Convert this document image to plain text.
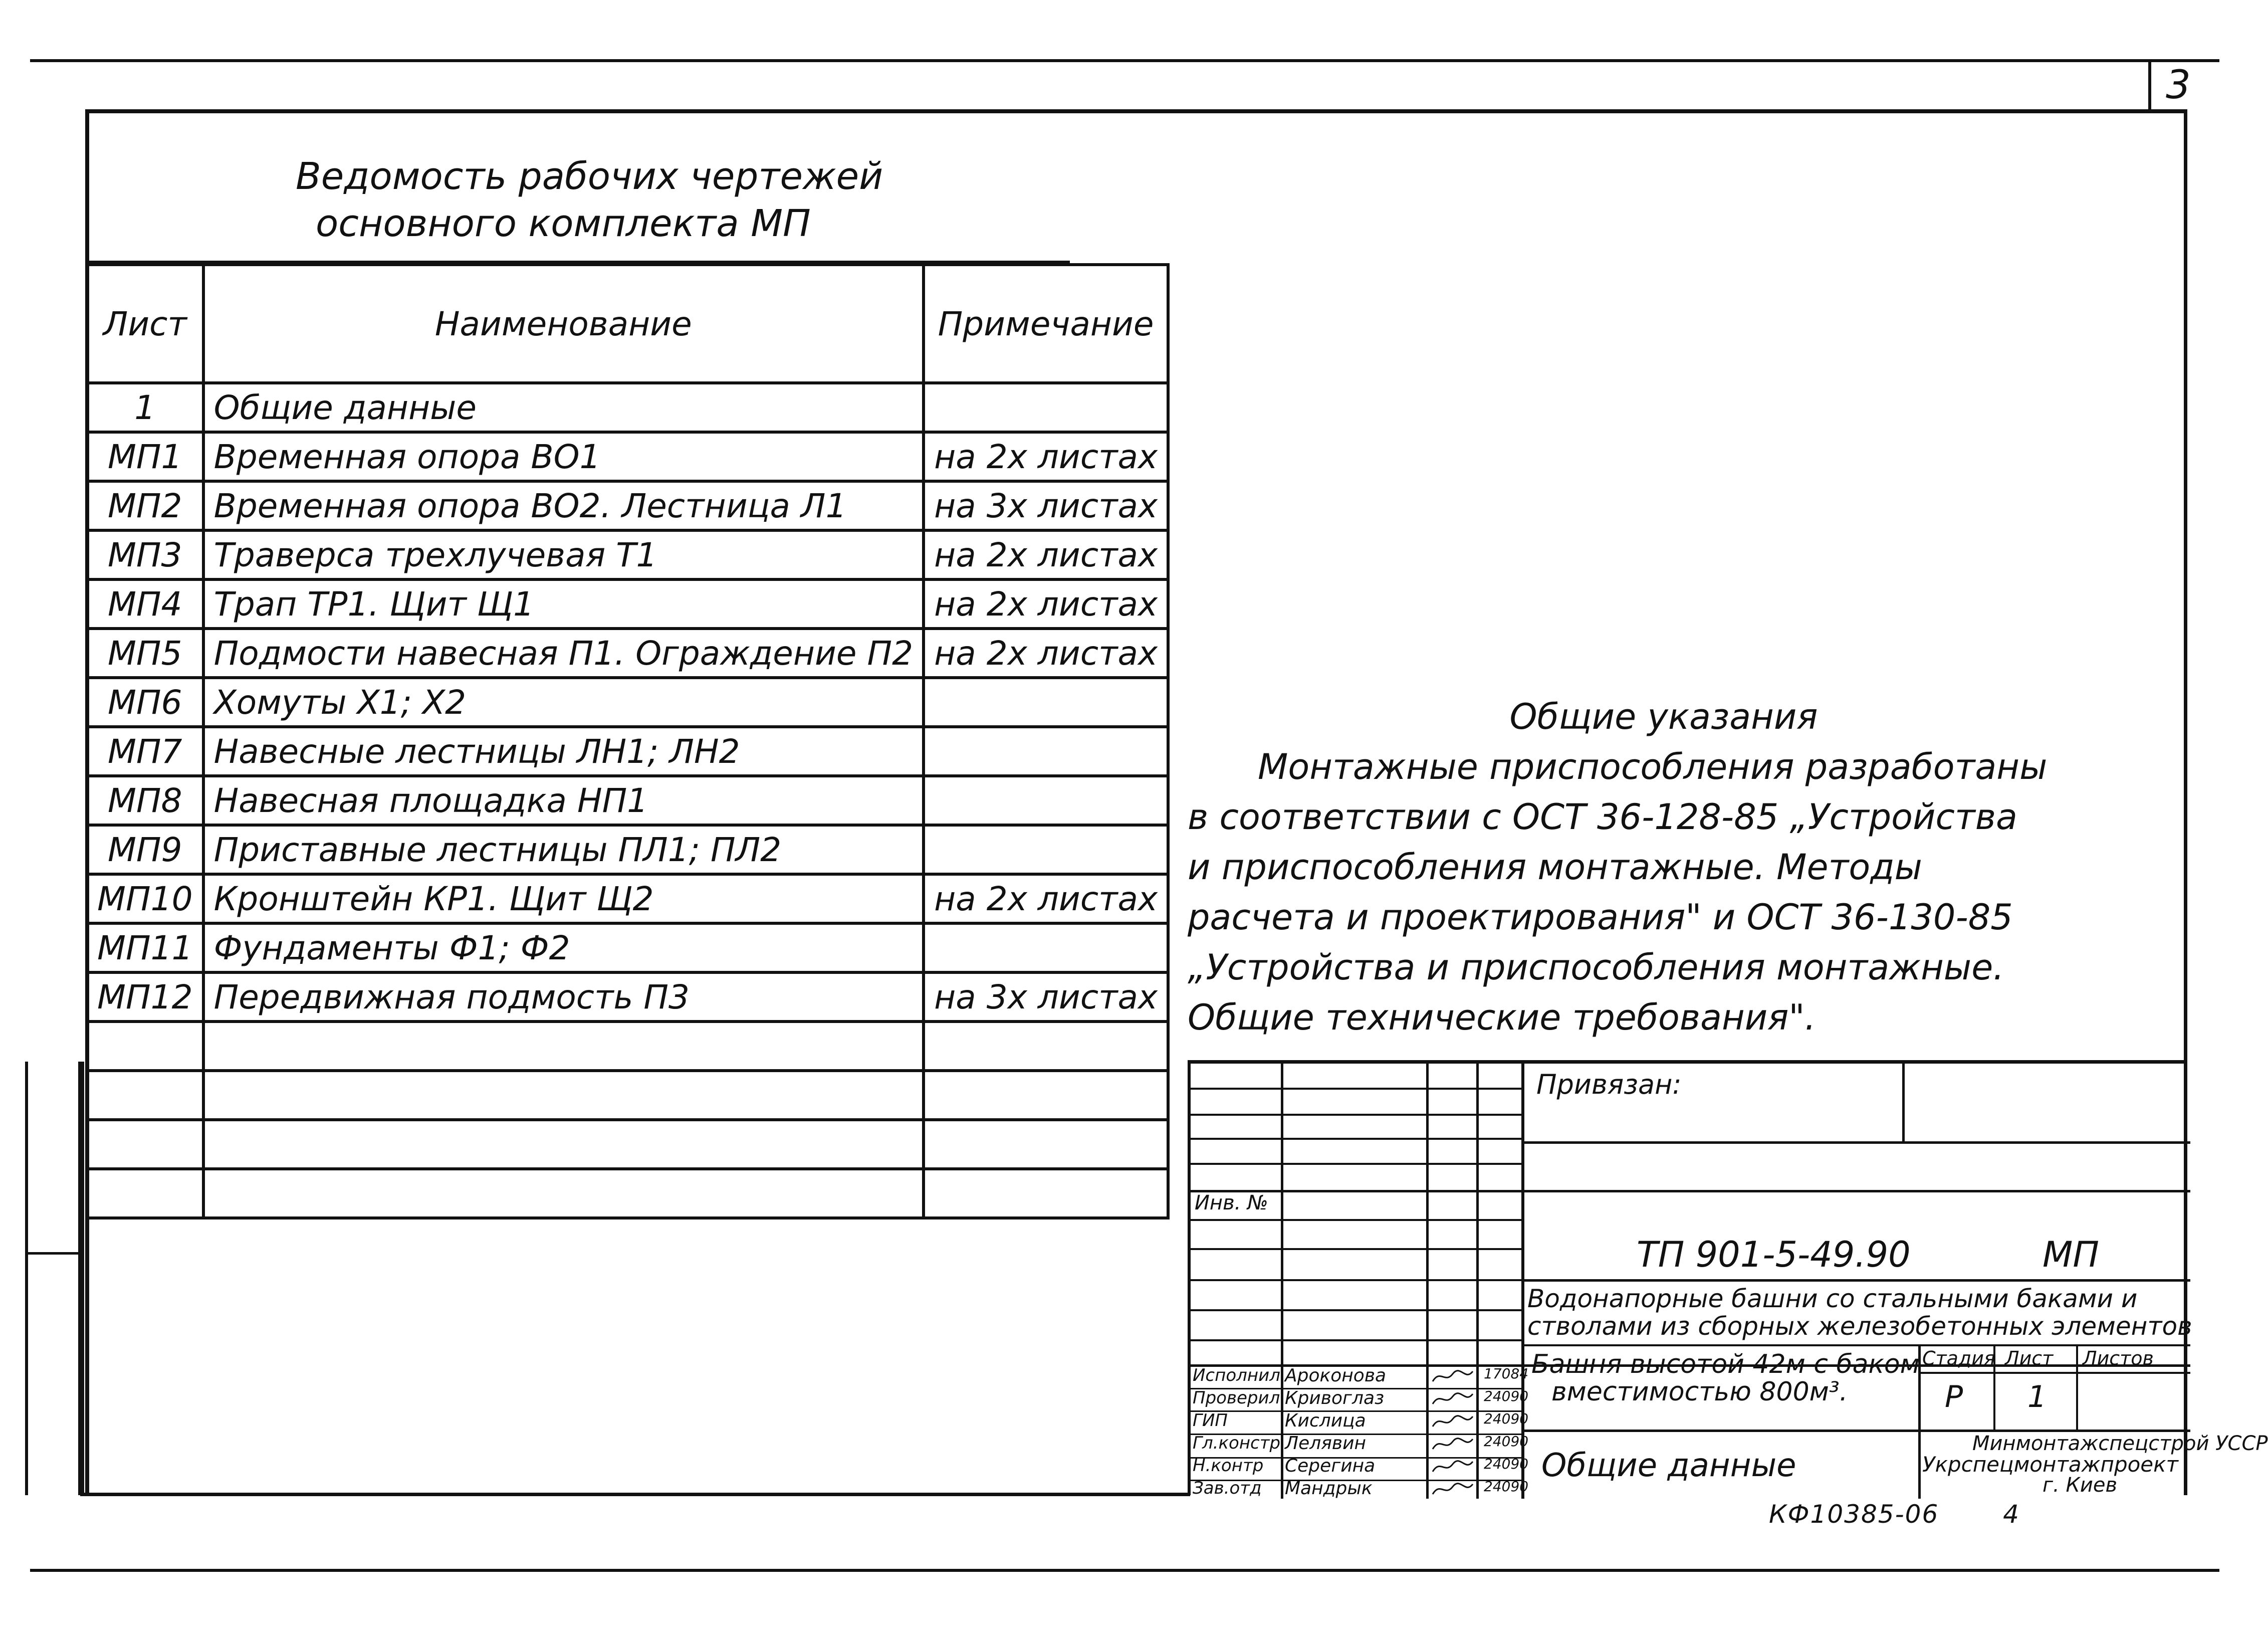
3
Ведомость рабочих чертежей
основного комплекта МП
Лист	Наименование	Примечание
1	Общие данные	
МП1	Временная опора ВО1	на 2х листах
МП2	Временная опора ВО2. Лестница Л1	на 3х листах
МП3	Траверса трехлучевая Т1	на 2х листах
МП4	Трап ТР1. Щит Щ1	на 2х листах
МП5	Подмости навесная П1. Ограждение П2	на 2х листах
МП6	Хомуты Х1; Х2	
МП7	Навесные лестницы ЛН1; ЛН2	
МП8	Навесная площадка НП1	
МП9	Приставные лестницы ПЛ1; ПЛ2	
МП10	Кронштейн КР1. Щит Щ2	на 2х листах
МП11	Фундаменты Ф1; Ф2	
МП12	Передвижная подмость П3	на 3х листах

Общие указания
Монтажные приспособления разработаны в соответствии с ОСТ 36-128-85 „Устройства и приспособления монтажные. Методы расчета и проектирования" и ОСТ 36-130-85 „Устройства и приспособления монтажные. Общие технические требования".
Привязан:
Инв. №
ТП 901-5-49.90	МП
Водонапорные башни со стальными баками и
стволами из сборных железобетонных элементов
Башня высотой 42м с баком
вместимостью 800м³.
Общие данные
Стадия Лист Листов
Р 1
Минмонтажспецстрой УССР
Укрспецмонтажпроект
г. Киев
Исполнил Ароконова	17084
Проверил Кривоглаз	24090
ГИП	Кислица	24090
Гл.констр Лелявин	24090
Н.контр Серегина	24090
Зав.отд Мандрык	24090
КФ10385-06	4
